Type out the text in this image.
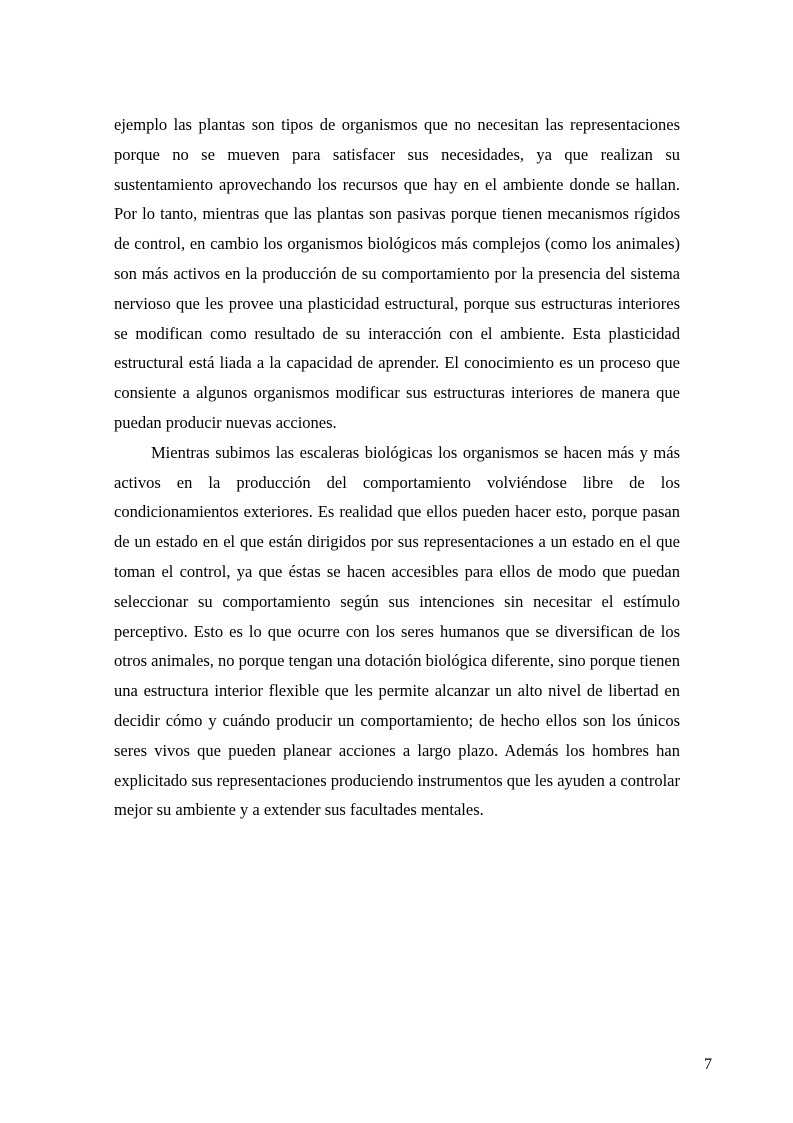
ejemplo las plantas son tipos de organismos que no necesitan las representaciones porque no se mueven para satisfacer sus necesidades, ya que realizan su sustentamiento aprovechando los recursos que hay en el ambiente donde se hallan. Por lo tanto, mientras que las plantas son pasivas porque tienen mecanismos rígidos de control, en cambio los organismos biológicos más complejos (como los animales) son más activos en la producción de su comportamiento por la presencia del sistema nervioso que les provee una plasticidad estructural, porque sus estructuras interiores se modifican como resultado de su interacción con el ambiente. Esta plasticidad estructural está liada a la capacidad de aprender. El conocimiento es un proceso que consiente a algunos organismos modificar sus estructuras interiores de manera que puedan producir nuevas acciones.

Mientras subimos las escaleras biológicas los organismos se hacen más y más activos en la producción del comportamiento volviéndose libre de los condicionamientos exteriores. Es realidad que ellos pueden hacer esto, porque pasan de un estado en el que están dirigidos por sus representaciones a un estado en el que toman el control, ya que éstas se hacen accesibles para ellos de modo que puedan seleccionar su comportamiento según sus intenciones sin necesitar el estímulo perceptivo. Esto es lo que ocurre con los seres humanos que se diversifican de los otros animales, no porque tengan una dotación biológica diferente, sino porque tienen una estructura interior flexible que les permite alcanzar un alto nivel de libertad en decidir cómo y cuándo producir un comportamiento; de hecho ellos son los únicos seres vivos que pueden planear acciones a largo plazo. Además los hombres han explicitado sus representaciones produciendo instrumentos que les ayuden a controlar mejor su ambiente y a extender sus facultades mentales.

7
